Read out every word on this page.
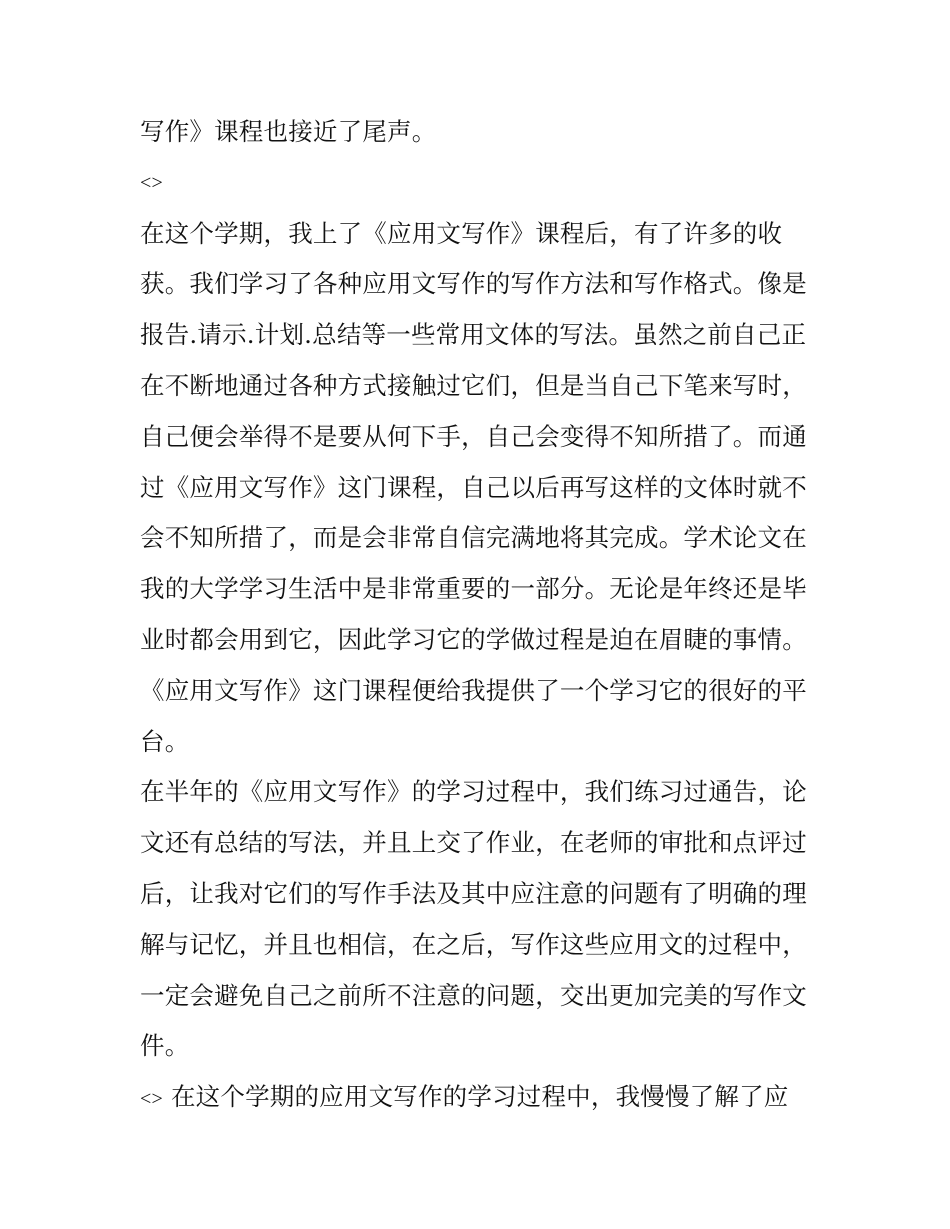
写作》课程也接近了尾声。
<>
在这个学期，我上了《应用文写作》课程后，有了许多的收
获。我们学习了各种应用文写作的写作方法和写作格式。像是
报告.请示.计划.总结等一些常用文体的写法。虽然之前自己正
在不断地通过各种方式接触过它们，但是当自己下笔来写时，
自己便会举得不是要从何下手，自己会变得不知所措了。而通
过《应用文写作》这门课程，自己以后再写这样的文体时就不
会不知所措了，而是会非常自信完满地将其完成。学术论文在
我的大学学习生活中是非常重要的一部分。无论是年终还是毕
业时都会用到它，因此学习它的学做过程是迫在眉睫的事情。
《应用文写作》这门课程便给我提供了一个学习它的很好的平
台。
在半年的《应用文写作》的学习过程中，我们练习过通告，论
文还有总结的写法，并且上交了作业，在老师的审批和点评过
后，让我对它们的写作手法及其中应注意的问题有了明确的理
解与记忆，并且也相信，在之后，写作这些应用文的过程中，
一定会避免自己之前所不注意的问题，交出更加完美的写作文
件。
<> 在这个学期的应用文写作的学习过程中，我慢慢了解了应
